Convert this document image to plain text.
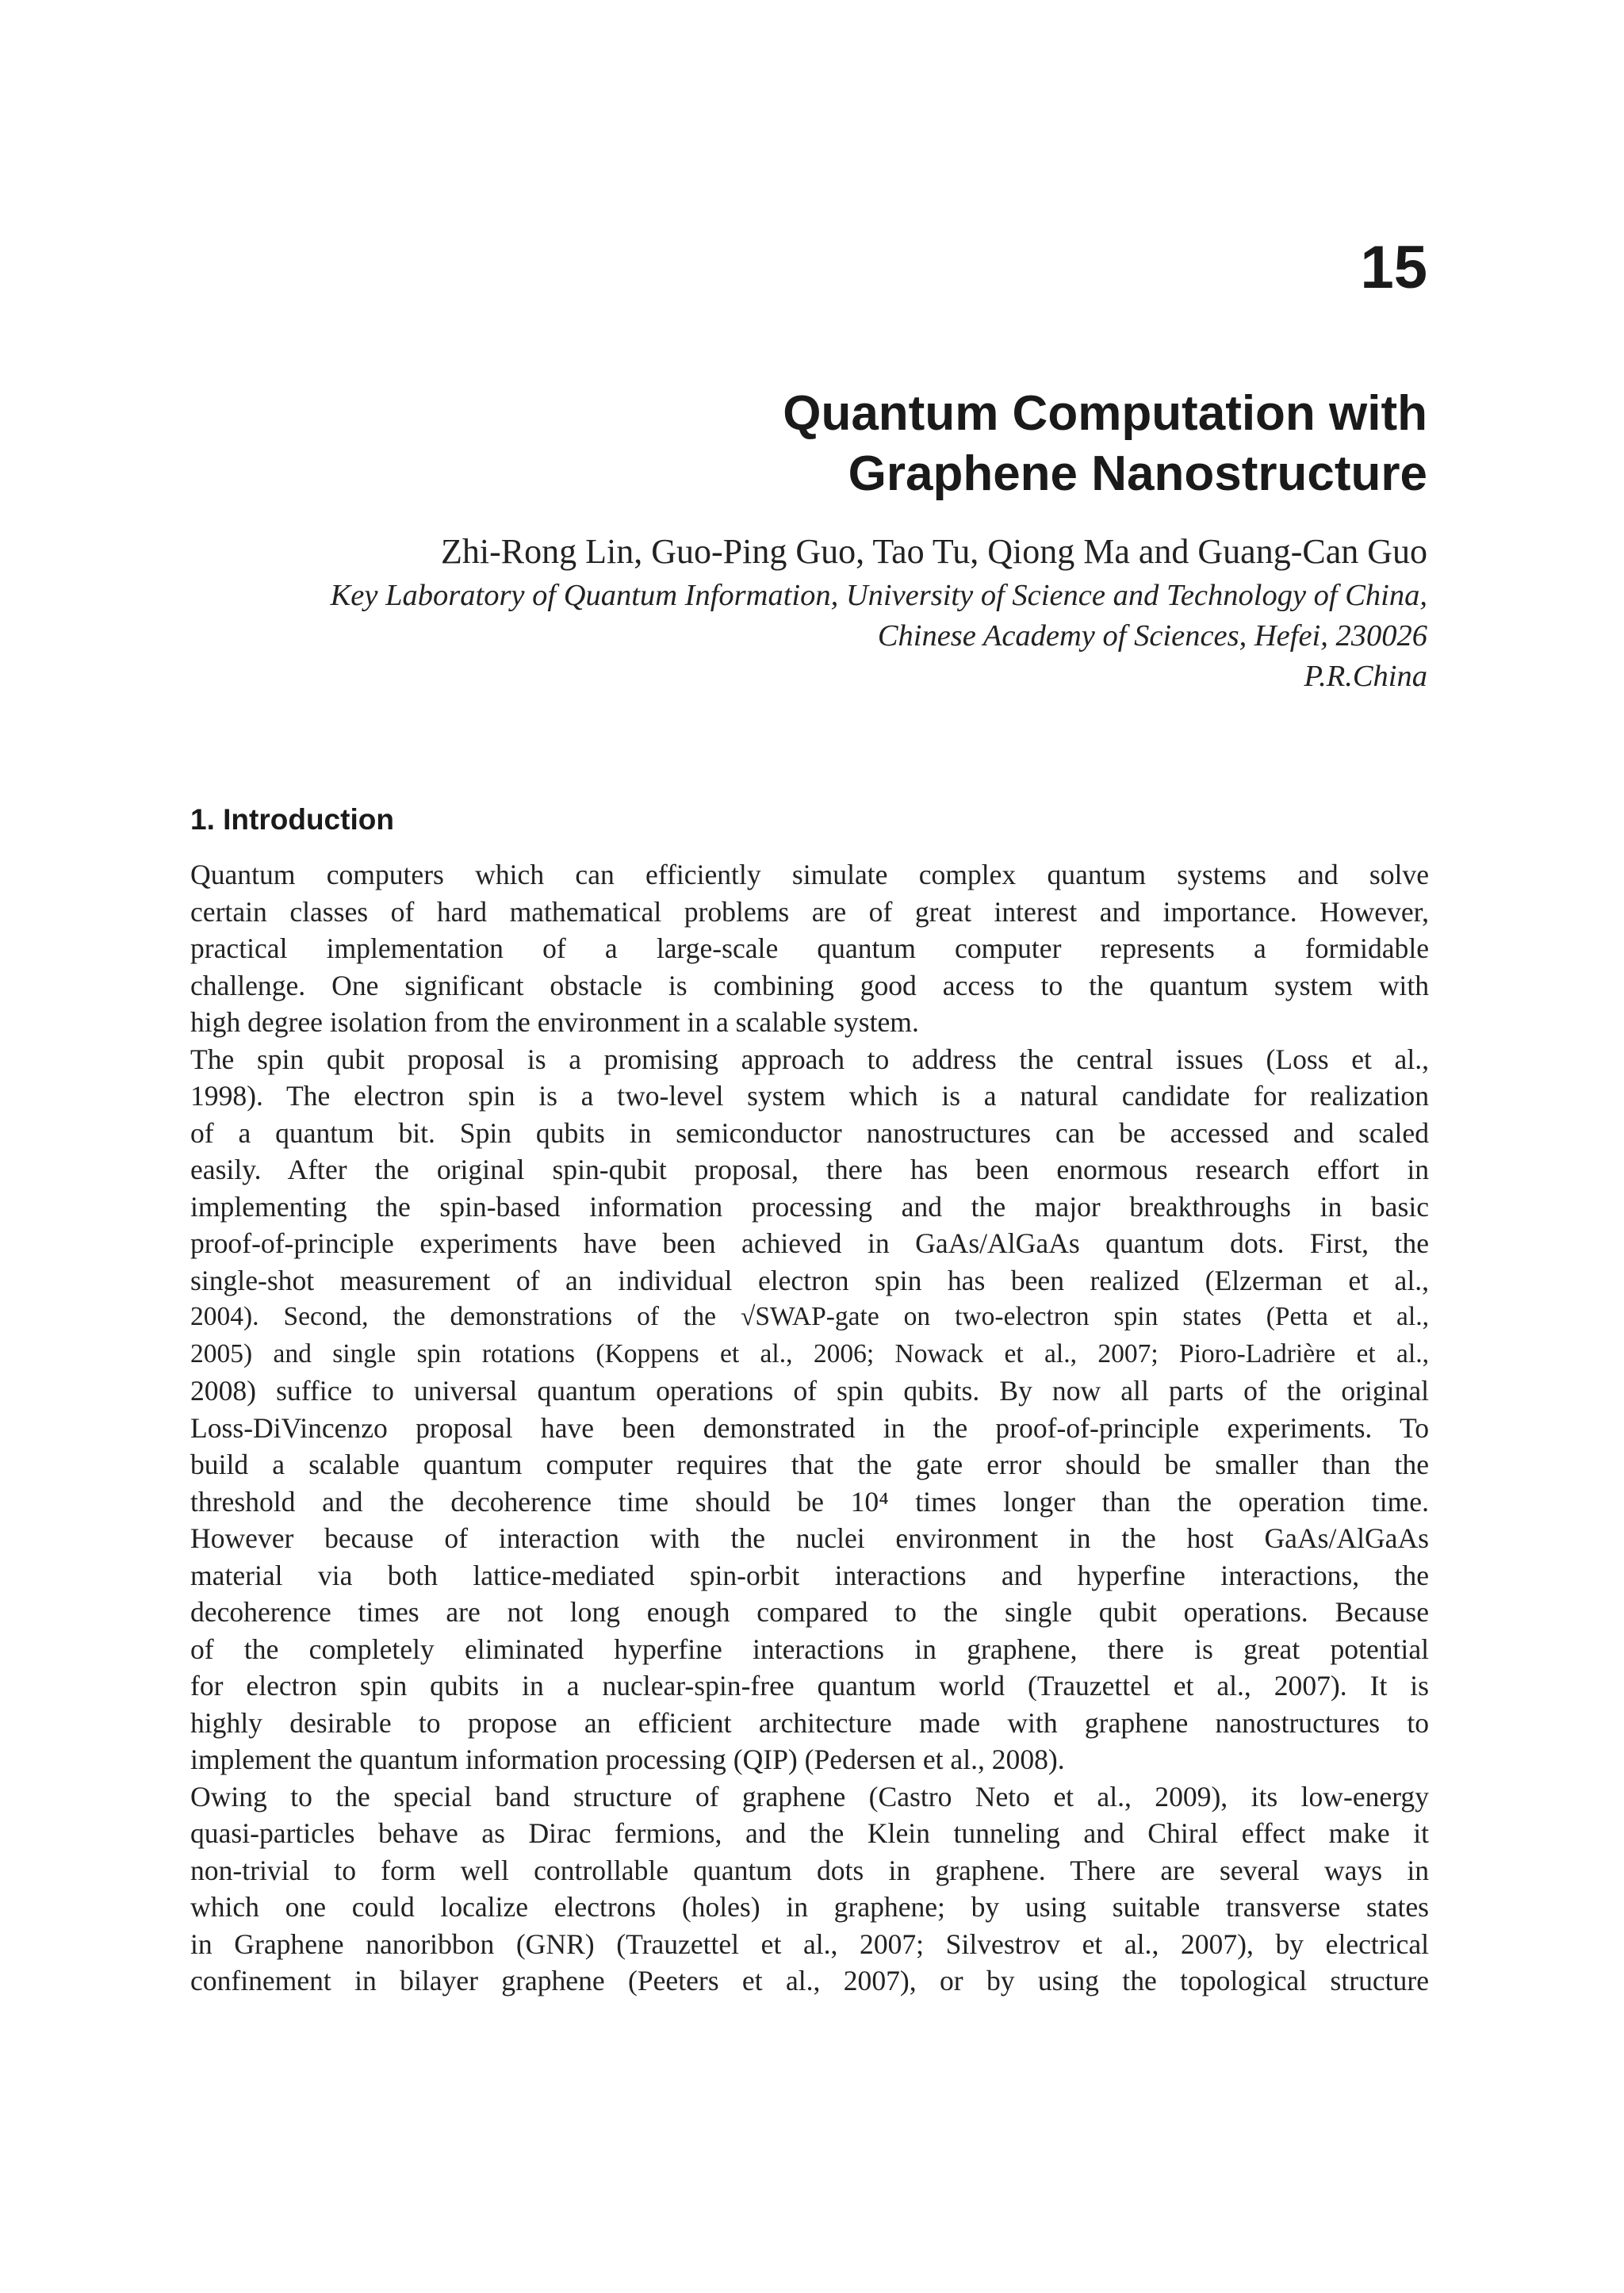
15
Quantum Computation with
Graphene Nanostructure
Zhi-Rong Lin, Guo-Ping Guo, Tao Tu, Qiong Ma and Guang-Can Guo
Key Laboratory of Quantum Information, University of Science and Technology of China,
Chinese Academy of Sciences, Hefei, 230026
P.R.China
1. Introduction
Quantum computers which can efficiently simulate complex quantum systems and solve
certain classes of hard mathematical problems are of great interest and importance. However,
practical implementation of a large-scale quantum computer represents a formidable
challenge. One significant obstacle is combining good access to the quantum system with
high degree isolation from the environment in a scalable system.
The spin qubit proposal is a promising approach to address the central issues (Loss et al.,
1998). The electron spin is a two-level system which is a natural candidate for realization
of a quantum bit. Spin qubits in semiconductor nanostructures can be accessed and scaled
easily. After the original spin-qubit proposal, there has been enormous research effort in
implementing the spin-based information processing and the major breakthroughs in basic
proof-of-principle experiments have been achieved in GaAs/AlGaAs quantum dots. First, the
single-shot measurement of an individual electron spin has been realized (Elzerman et al.,
2004). Second, the demonstrations of the √SWAP-gate on two-electron spin states (Petta et al.,
2005) and single spin rotations (Koppens et al., 2006; Nowack et al., 2007; Pioro-Ladrière et al.,
2008) suffice to universal quantum operations of spin qubits. By now all parts of the original
Loss-DiVincenzo proposal have been demonstrated in the proof-of-principle experiments. To
build a scalable quantum computer requires that the gate error should be smaller than the
threshold and the decoherence time should be 10⁴ times longer than the operation time.
However because of interaction with the nuclei environment in the host GaAs/AlGaAs
material via both lattice-mediated spin-orbit interactions and hyperfine interactions, the
decoherence times are not long enough compared to the single qubit operations. Because
of the completely eliminated hyperfine interactions in graphene, there is great potential
for electron spin qubits in a nuclear-spin-free quantum world (Trauzettel et al., 2007). It is
highly desirable to propose an efficient architecture made with graphene nanostructures to
implement the quantum information processing (QIP) (Pedersen et al., 2008).
Owing to the special band structure of graphene (Castro Neto et al., 2009), its low-energy
quasi-particles behave as Dirac fermions, and the Klein tunneling and Chiral effect make it
non-trivial to form well controllable quantum dots in graphene. There are several ways in
which one could localize electrons (holes) in graphene; by using suitable transverse states
in Graphene nanoribbon (GNR) (Trauzettel et al., 2007; Silvestrov et al., 2007), by electrical
confinement in bilayer graphene (Peeters et al., 2007), or by using the topological structure
